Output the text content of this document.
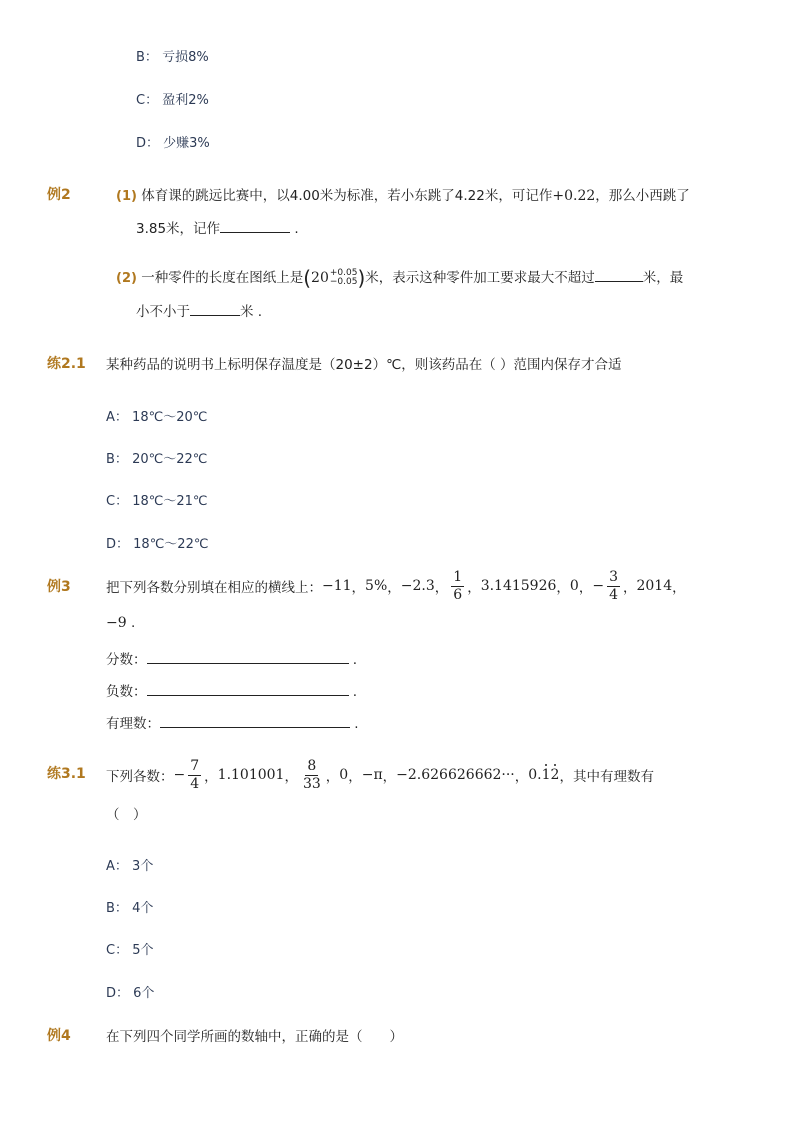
B： 亏损8%
C： 盈利2%
D： 少赚3%
例2	(1) 体育课的跳远比赛中，以4.00米为标准，若小东跳了4.22米，可记作+0.22，那么小西跳了
3.85米，记作	.
(2) 一种零件的长度在图纸上是(20 +0.05
−0.05 )米，表示这种零件加工要求最大不超过	米，最
小不小于	米 .
练2.1 某种药品的说明书上标明保存温度是（20±2）℃，则该药品在（ ）范围内保存才合适
A： 18℃～20℃
B： 20℃～22℃
C： 18℃～21℃
D： 18℃～22℃
例3	把下列各数分别填在相应的横线上： −11 ， 5% ， −2.3 ， $\frac{1}{6}$ ， 3.1415926 ， 0 ， − $\frac{3}{4}$ ， 2014 ，
−9 .
分数：	.
负数：	.
有理数：	.
练3.1 下列各数： − $\frac{7}{4}$ ， 1.101001 ， $\frac{8}{33}$ ， 0 ， −π ， −2.626626662··· ， 0.12 ，其中有理数有
（　）
A： 3个
B： 4个
C： 5个
D： 6个
例4	在下列四个同学所画的数轴中，正确的是（　　）
